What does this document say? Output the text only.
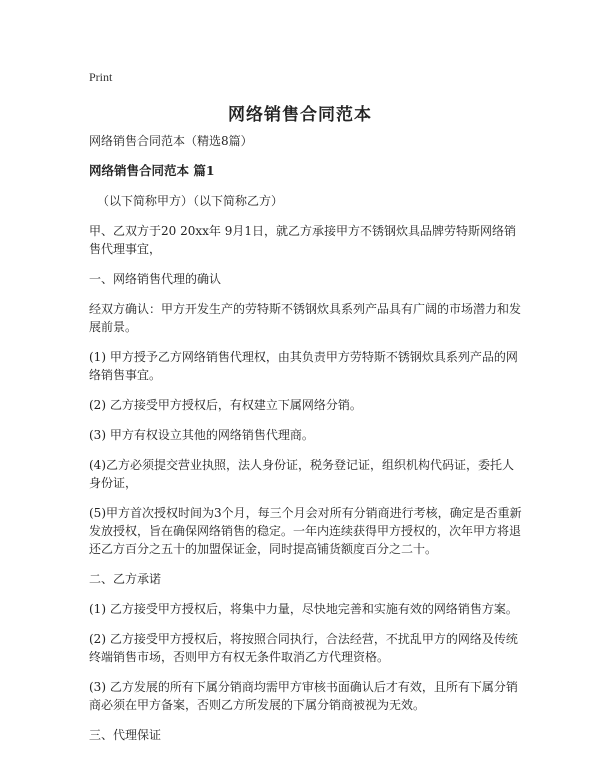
Print
网络销售合同范本

网络销售合同范本（精选8篇）

网络销售合同范本 篇1

（以下简称甲方）（以下简称乙方）

甲、乙双方于20 20xx年 9月1日，就乙方承接甲方不锈钢炊具品牌劳特斯网络销售代理事宜，

一、网络销售代理的确认

经双方确认：甲方开发生产的劳特斯不锈钢炊具系列产品具有广阔的市场潜力和发展前景。

(1) 甲方授予乙方网络销售代理权，由其负责甲方劳特斯不锈钢炊具系列产品的网络销售事宜。

(2) 乙方接受甲方授权后，有权建立下属网络分销。

(3) 甲方有权设立其他的网络销售代理商。

(4)乙方必须提交营业执照，法人身份证，税务登记证，组织机构代码证，委托人身份证，

(5)甲方首次授权时间为3个月，每三个月会对所有分销商进行考核，确定是否重新发放授权，旨在确保网络销售的稳定。一年内连续获得甲方授权的，次年甲方将退还乙方百分之五十的加盟保证金，同时提高铺货额度百分之二十。

二、乙方承诺

(1) 乙方接受甲方授权后，将集中力量，尽快地完善和实施有效的网络销售方案。

(2) 乙方接受甲方授权后，将按照合同执行，合法经营，不扰乱甲方的网络及传统终端销售市场，否则甲方有权无条件取消乙方代理资格。

(3) 乙方发展的所有下属分销商均需甲方审核书面确认后才有效，且所有下属分销商必须在甲方备案，否则乙方所发展的下属分销商被视为无效。

三、代理保证
